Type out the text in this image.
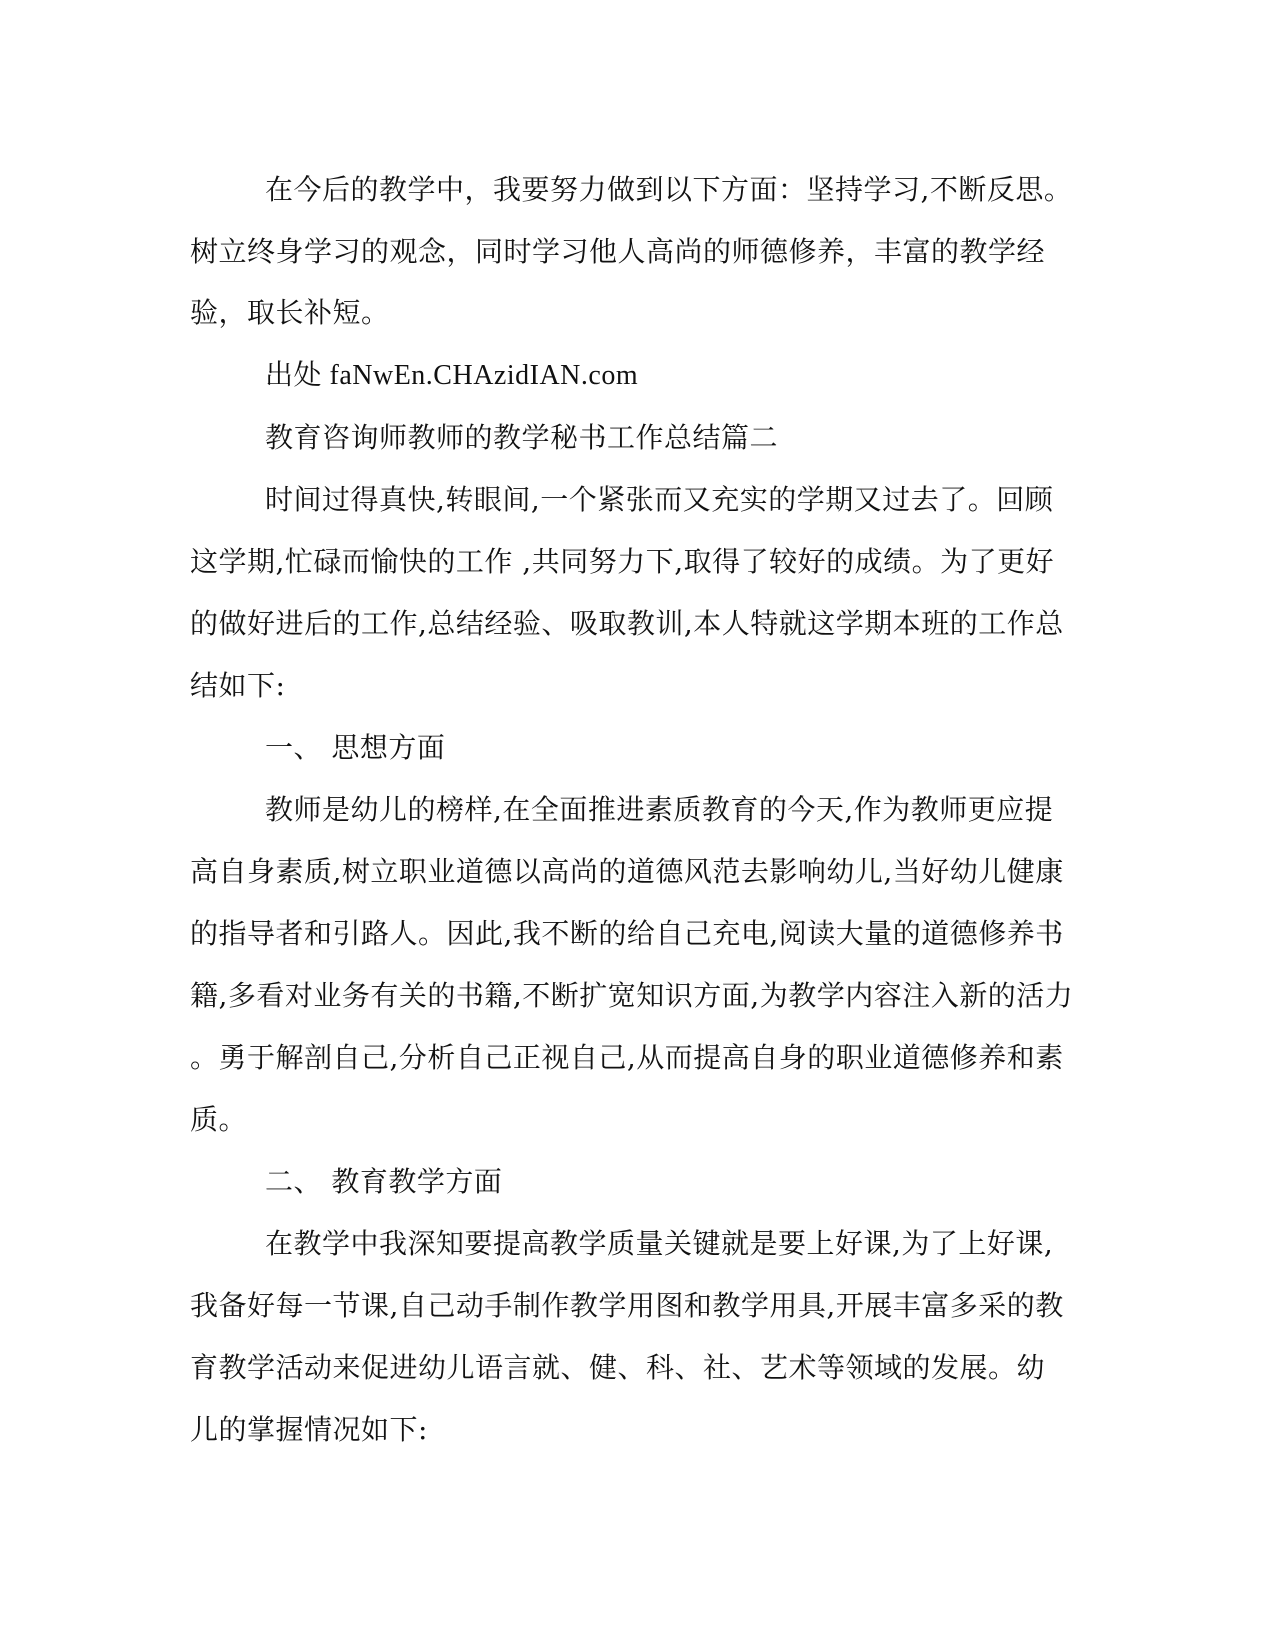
在今后的教学中，我要努力做到以下方面：坚持学习,不断反思。
树立终身学习的观念，同时学习他人高尚的师德修养，丰富的教学经
验，取长补短。
出处 faNwEn.CHAzidIAN.com
教育咨询师教师的教学秘书工作总结篇二
时间过得真快,转眼间,一个紧张而又充实的学期又过去了。回顾
这学期,忙碌而愉快的工作 ,共同努力下,取得了较好的成绩。为了更好
的做好进后的工作,总结经验、吸取教训,本人特就这学期本班的工作总
结如下:
一、 思想方面
教师是幼儿的榜样,在全面推进素质教育的今天,作为教师更应提
高自身素质,树立职业道德以高尚的道德风范去影响幼儿,当好幼儿健康
的指导者和引路人。因此,我不断的给自己充电,阅读大量的道德修养书
籍,多看对业务有关的书籍,不断扩宽知识方面,为教学内容注入新的活力
。勇于解剖自己,分析自己正视自己,从而提高自身的职业道德修养和素
质。
二、 教育教学方面
在教学中我深知要提高教学质量关键就是要上好课,为了上好课,
我备好每一节课,自己动手制作教学用图和教学用具,开展丰富多采的教
育教学活动来促进幼儿语言就、健、科、社、艺术等领域的发展。幼
儿的掌握情况如下:
